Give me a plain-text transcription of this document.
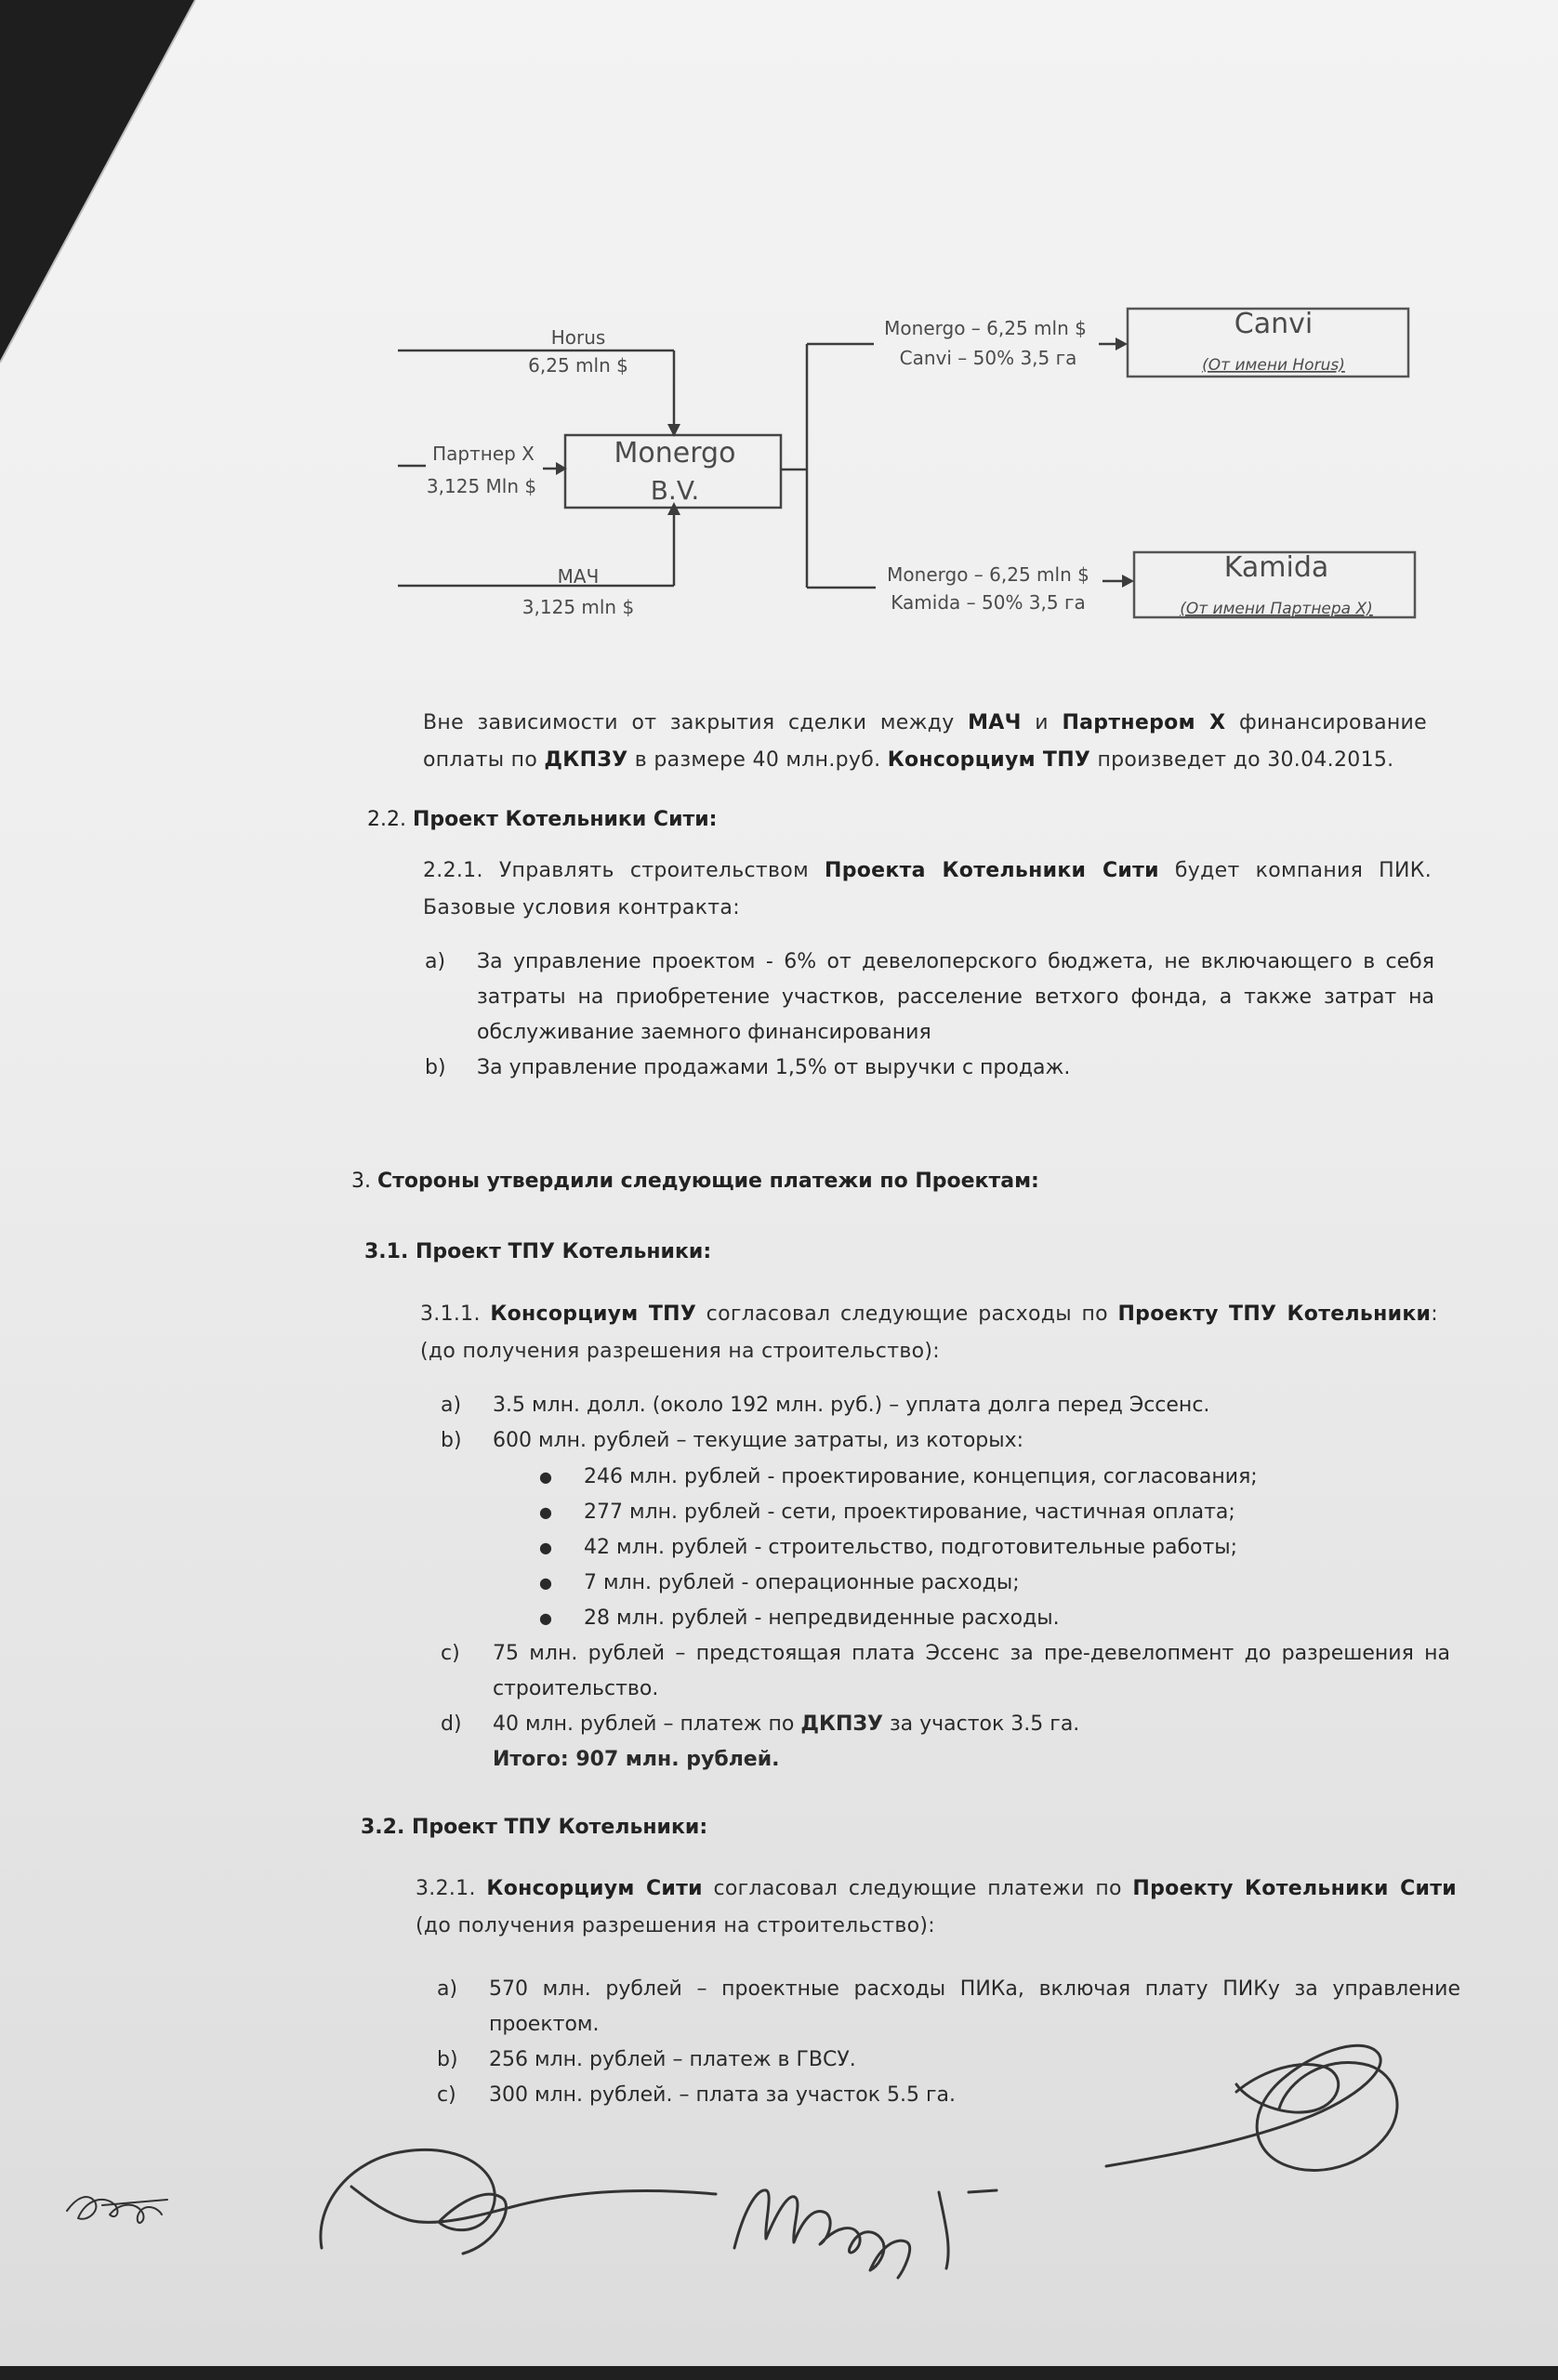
Horus
6,25 mln $
Партнер X
3,125 Mln $
МАЧ
3,125 mln $
Monergo
B.V.
Monergo – 6,25 mln $
Canvi – 50% 3,5 га
Monergo – 6,25 mln $
Kamida – 50% 3,5 га
Canvi
(От имени Horus)
Kamida
(От имени Партнера Х)
Вне зависимости от закрытия сделки между МАЧ и Партнером Х финансирование оплаты по ДКПЗУ в размере 40 млн.руб. Консорциум ТПУ произведет до 30.04.2015.
2.2. Проект Котельники Сити:
2.2.1. Управлять строительством Проекта Котельники Сити будет компания ПИК. Базовые условия контракта:
a) За управление проектом - 6% от девелоперского бюджета, не включающего в себя затраты на приобретение участков, расселение ветхого фонда, а также затрат на обслуживание заемного финансирования
b) За управление продажами 1,5% от выручки с продаж.
3. Стороны утвердили следующие платежи по Проектам:
3.1. Проект ТПУ Котельники:
3.1.1. Консорциум ТПУ согласовал следующие расходы по Проекту ТПУ Котельники: (до получения разрешения на строительство):
a) 3.5 млн. долл. (около 192 млн. руб.) – уплата долга перед Эссенс.
b) 600 млн. рублей – текущие затраты, из которых:
● 246 млн. рублей - проектирование, концепция, согласования;
● 277 млн. рублей - сети, проектирование, частичная оплата;
● 42 млн. рублей - строительство, подготовительные работы;
● 7 млн. рублей - операционные расходы;
● 28 млн. рублей - непредвиденные расходы.
c) 75 млн. рублей – предстоящая плата Эссенс за пре-девелопмент до разрешения на строительство.
d) 40 млн. рублей – платеж по ДКПЗУ за участок 3.5 га.
Итого: 907 млн. рублей.
3.2. Проект ТПУ Котельники:
3.2.1. Консорциум Сити согласовал следующие платежи по Проекту Котельники Сити (до получения разрешения на строительство):
a) 570 млн. рублей – проектные расходы ПИКа, включая плату ПИКу за управление проектом.
b) 256 млн. рублей – платеж в ГВСУ.
c) 300 млн. рублей. – плата за участок 5.5 га.
